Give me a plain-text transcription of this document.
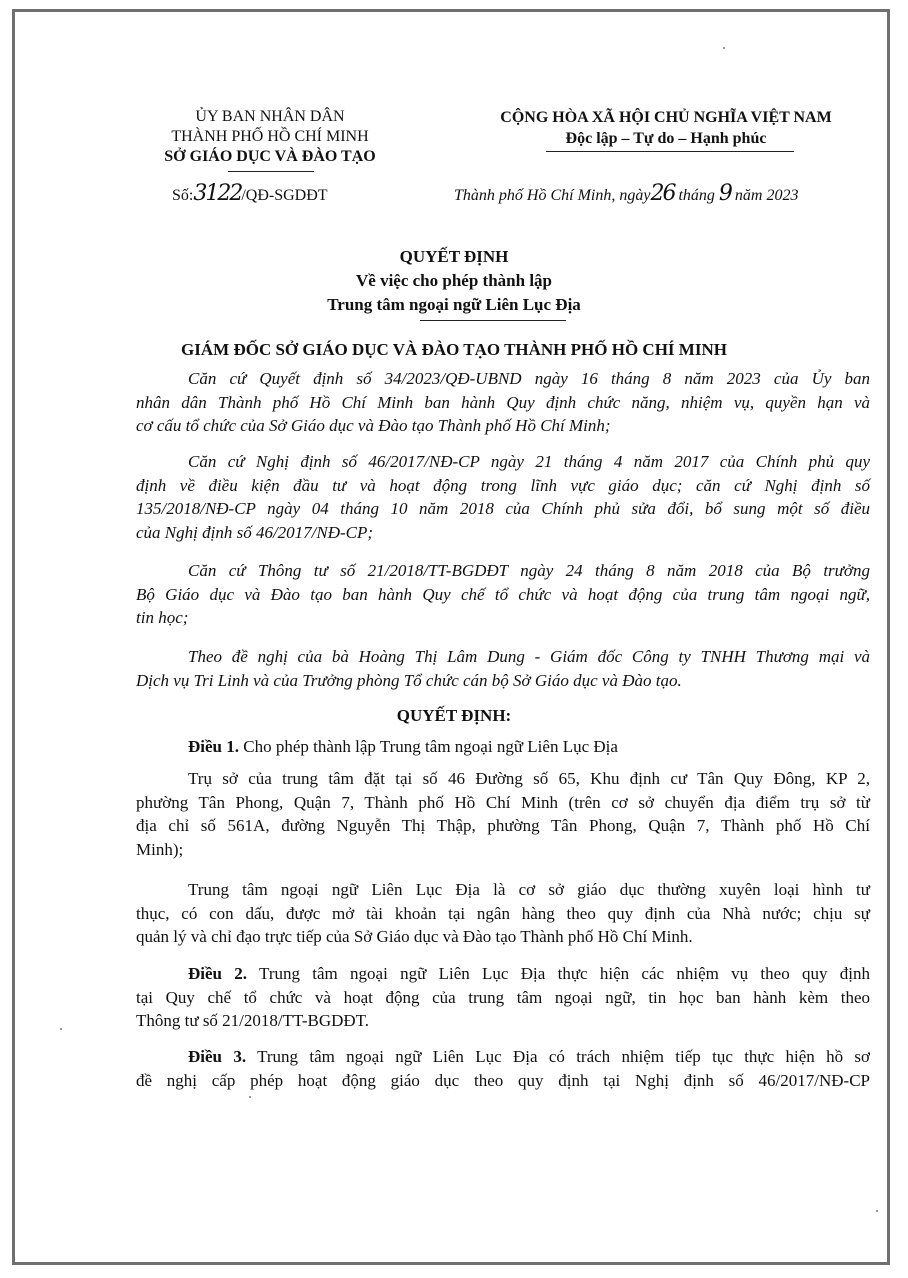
ỦY BAN NHÂN DÂN
THÀNH PHỐ HỒ CHÍ MINH
SỞ GIÁO DỤC VÀ ĐÀO TẠO
CỘNG HÒA XÃ HỘI CHỦ NGHĨA VIỆT NAM
Độc lập – Tự do – Hạnh phúc
Số:3122/QĐ-SGDĐT	Thành phố Hồ Chí Minh, ngày26 tháng 9 năm 2023
QUYẾT ĐỊNH
Về việc cho phép thành lập
Trung tâm ngoại ngữ Liên Lục Địa
GIÁM ĐỐC SỞ GIÁO DỤC VÀ ĐÀO TẠO THÀNH PHỐ HỒ CHÍ MINH
Căn cứ Quyết định số 34/2023/QĐ-UBND ngày 16 tháng 8 năm 2023 của Ủy ban
nhân dân Thành phố Hồ Chí Minh ban hành Quy định chức năng, nhiệm vụ, quyền hạn và
cơ cấu tổ chức của Sở Giáo dục và Đào tạo Thành phố Hồ Chí Minh;
Căn cứ Nghị định số 46/2017/NĐ-CP ngày 21 tháng 4 năm 2017 của Chính phủ quy
định về điều kiện đầu tư và hoạt động trong lĩnh vực giáo dục; căn cứ Nghị định số
135/2018/NĐ-CP ngày 04 tháng 10 năm 2018 của Chính phủ sửa đổi, bổ sung một số điều
của Nghị định số 46/2017/NĐ-CP;
Căn cứ Thông tư số 21/2018/TT-BGDĐT ngày 24 tháng 8 năm 2018 của Bộ trưởng
Bộ Giáo dục và Đào tạo ban hành Quy chế tổ chức và hoạt động của trung tâm ngoại ngữ,
tin học;
Theo đề nghị của bà Hoàng Thị Lâm Dung - Giám đốc Công ty TNHH Thương mại và
Dịch vụ Tri Linh và của Trưởng phòng Tổ chức cán bộ Sở Giáo dục và Đào tạo.
QUYẾT ĐỊNH:
Điều 1. Cho phép thành lập Trung tâm ngoại ngữ Liên Lục Địa
Trụ sở của trung tâm đặt tại số 46 Đường số 65, Khu định cư Tân Quy Đông, KP 2,
phường Tân Phong, Quận 7, Thành phố Hồ Chí Minh (trên cơ sở chuyển địa điểm trụ sở từ
địa chỉ số 561A, đường Nguyễn Thị Thập, phường Tân Phong, Quận 7, Thành phố Hồ Chí
Minh);
Trung tâm ngoại ngữ Liên Lục Địa là cơ sở giáo dục thường xuyên loại hình tư
thục, có con dấu, được mở tài khoản tại ngân hàng theo quy định của Nhà nước; chịu sự
quản lý và chỉ đạo trực tiếp của Sở Giáo dục và Đào tạo Thành phố Hồ Chí Minh.
Điều 2. Trung tâm ngoại ngữ Liên Lục Địa thực hiện các nhiệm vụ theo quy định
tại Quy chế tổ chức và hoạt động của trung tâm ngoại ngữ, tin học ban hành kèm theo
Thông tư số 21/2018/TT-BGDĐT.
Điều 3. Trung tâm ngoại ngữ Liên Lục Địa có trách nhiệm tiếp tục thực hiện hồ sơ
đề nghị cấp phép hoạt động giáo dục theo quy định tại Nghị định số 46/2017/NĐ-CP
